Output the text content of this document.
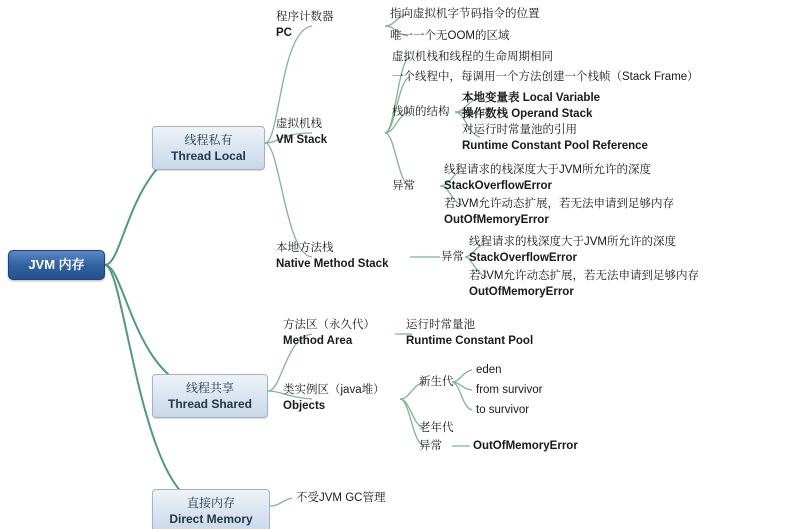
JVM 内存
线程私有
Thread Local
线程共享
Thread Shared
直接内存
Direct Memory
程序计数器
PC
指向虚拟机字节码指令的位置
唯一一个无OOM的区域
虚拟机栈
VM Stack
虚拟机栈和线程的生命周期相同
一个线程中，每调用一个方法创建一个栈帧（Stack Frame）
栈帧的结构
本地变量表 Local Variable
操作数栈 Operand Stack
对运行时常量池的引用
Runtime Constant Pool Reference
异常
线程请求的栈深度大于JVM所允许的深度
StackOverflowError
若JVM允许动态扩展，若无法申请到足够内存
OutOfMemoryError
本地方法栈
Native Method Stack
异常
线程请求的栈深度大于JVM所允许的深度
StackOverflowError
若JVM允许动态扩展，若无法申请到足够内存
OutOfMemoryError
方法区（永久代）
Method Area
运行时常量池
Runtime Constant Pool
类实例区（java堆）
Objects
新生代
eden
from survivor
to survivor
老年代
异常	OutOfMemoryError
不受JVM GC管理
